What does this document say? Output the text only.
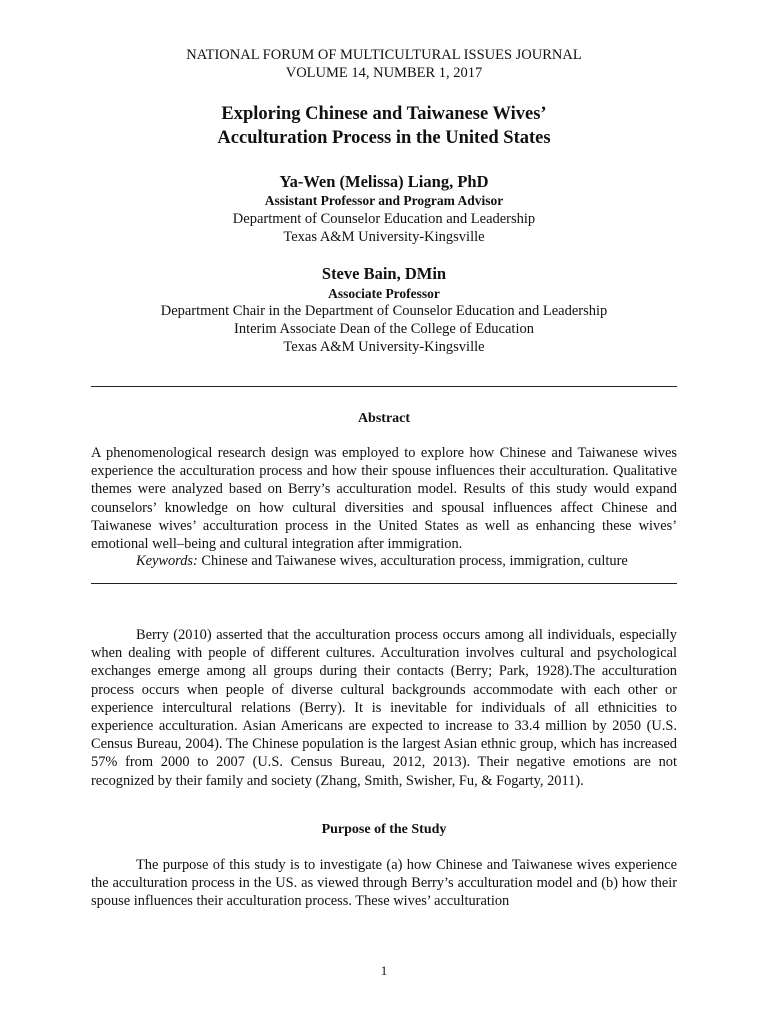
NATIONAL FORUM OF MULTICULTURAL ISSUES JOURNAL
VOLUME 14, NUMBER 1, 2017
Exploring Chinese and Taiwanese Wives’
Acculturation Process in the United States
Ya-Wen (Melissa) Liang, PhD
Assistant Professor and Program Advisor
Department of Counselor Education and Leadership
Texas A&M University-Kingsville
Steve Bain, DMin
Associate Professor
Department Chair in the Department of Counselor Education and Leadership
Interim Associate Dean of the College of Education
Texas A&M University-Kingsville
Abstract
A phenomenological research design was employed to explore how Chinese and Taiwanese wives experience the acculturation process and how their spouse influences their acculturation. Qualitative themes were analyzed based on Berry’s acculturation model. Results of this study would expand counselors’ knowledge on how cultural diversities and spousal influences affect Chinese and Taiwanese wives’ acculturation process in the United States as well as enhancing these wives’ emotional well–being and cultural integration after immigration.
Keywords: Chinese and Taiwanese wives, acculturation process, immigration, culture
Berry (2010) asserted that the acculturation process occurs among all individuals, especially when dealing with people of different cultures. Acculturation involves cultural and psychological exchanges emerge among all groups during their contacts (Berry; Park, 1928).The acculturation process occurs when people of diverse cultural backgrounds accommodate with each other or experience intercultural relations (Berry). It is inevitable for individuals of all ethnicities to experience acculturation. Asian Americans are expected to increase to 33.4 million by 2050 (U.S. Census Bureau, 2004). The Chinese population is the largest Asian ethnic group, which has increased 57% from 2000 to 2007 (U.S. Census Bureau, 2012, 2013). Their negative emotions are not recognized by their family and society (Zhang, Smith, Swisher, Fu, & Fogarty, 2011).
Purpose of the Study
The purpose of this study is to investigate (a) how Chinese and Taiwanese wives experience the acculturation process in the US. as viewed through Berry’s acculturation model and (b) how their spouse influences their acculturation process. These wives’ acculturation
1
